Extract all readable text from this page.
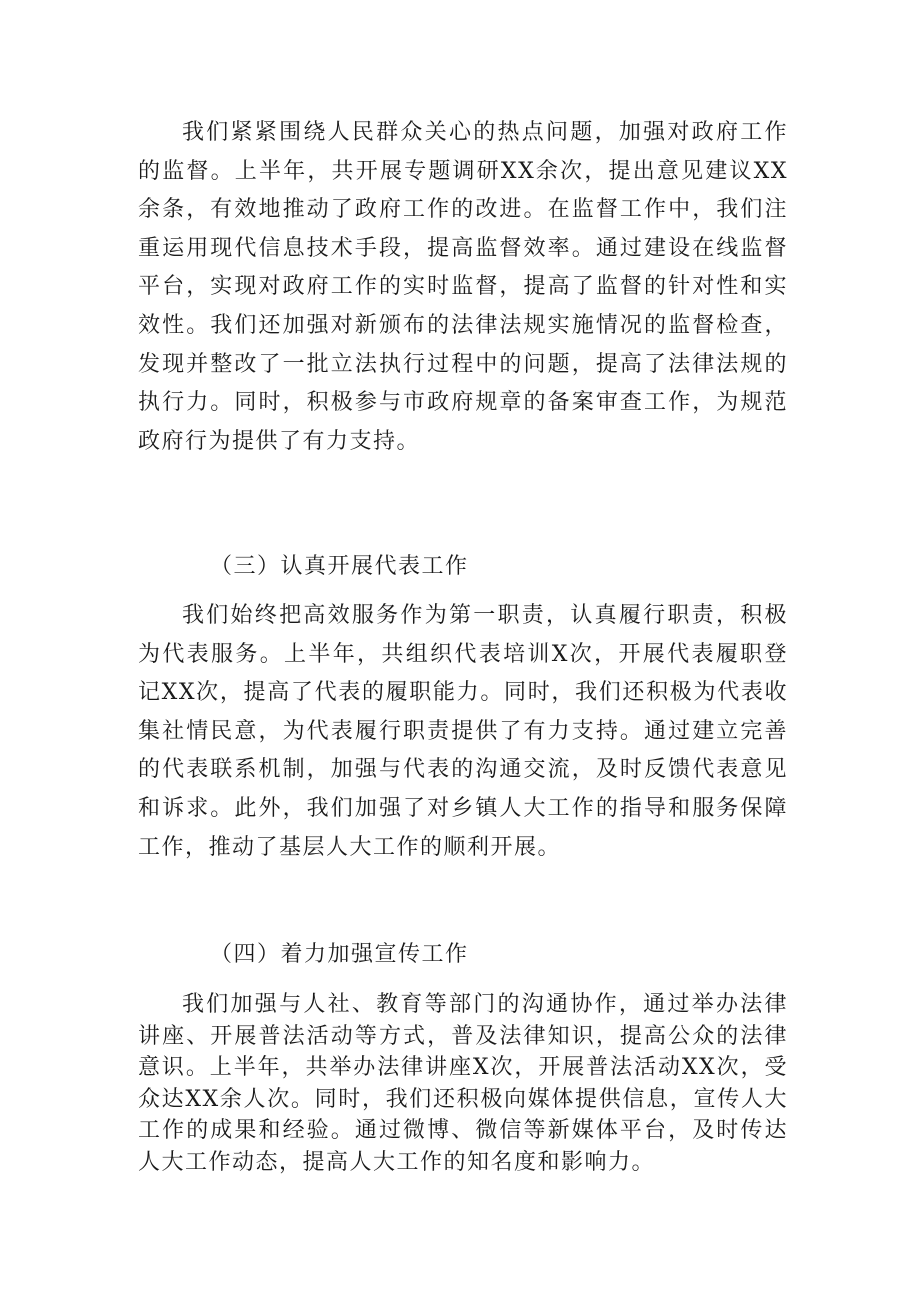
我们紧紧围绕人民群众关心的热点问题，加强对政府工作的监督。上半年，共开展专题调研XX余次，提出意见建议XX余条，有效地推动了政府工作的改进。在监督工作中，我们注重运用现代信息技术手段，提高监督效率。通过建设在线监督平台，实现对政府工作的实时监督，提高了监督的针对性和实效性。我们还加强对新颁布的法律法规实施情况的监督检查，发现并整改了一批立法执行过程中的问题，提高了法律法规的执行力。同时，积极参与市政府规章的备案审查工作，为规范政府行为提供了有力支持。

（三）认真开展代表工作

我们始终把高效服务作为第一职责，认真履行职责，积极为代表服务。上半年，共组织代表培训X次，开展代表履职登记XX次，提高了代表的履职能力。同时，我们还积极为代表收集社情民意，为代表履行职责提供了有力支持。通过建立完善的代表联系机制，加强与代表的沟通交流，及时反馈代表意见和诉求。此外，我们加强了对乡镇人大工作的指导和服务保障工作，推动了基层人大工作的顺利开展。

（四）着力加强宣传工作

我们加强与人社、教育等部门的沟通协作，通过举办法律讲座、开展普法活动等方式，普及法律知识，提高公众的法律意识。上半年，共举办法律讲座X次，开展普法活动XX次，受众达XX余人次。同时，我们还积极向媒体提供信息，宣传人大工作的成果和经验。通过微博、微信等新媒体平台，及时传达人大工作动态，提高人大工作的知名度和影响力。
